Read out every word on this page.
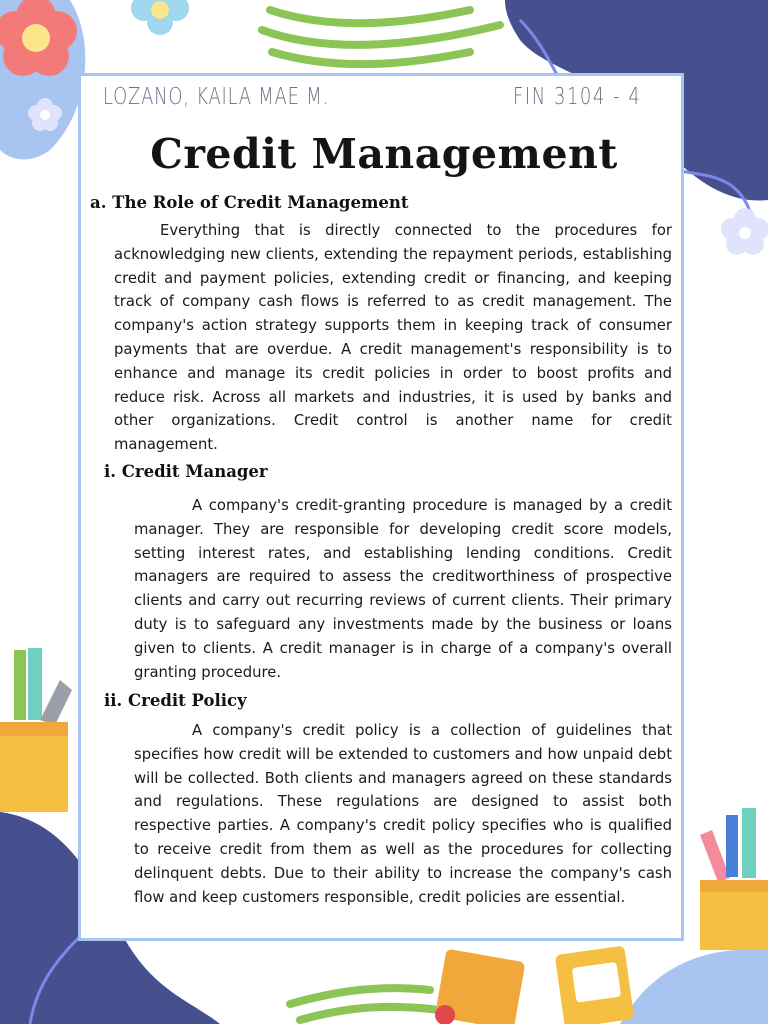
LOZANO, KAILA MAE M.	FIN 3104 - 4
Credit Management
a. The Role of Credit Management

Everything that is directly connected to the procedures for acknowledging new clients, extending the repayment periods, establishing credit and payment policies, extending credit or financing, and keeping track of company cash flows is referred to as credit management. The company's action strategy supports them in keeping track of consumer payments that are overdue. A credit management's responsibility is to enhance and manage its credit policies in order to boost profits and reduce risk. Across all markets and industries, it is used by banks and other organizations. Credit control is another name for credit management.

i. Credit Manager

A company's credit-granting procedure is managed by a credit manager. They are responsible for developing credit score models, setting interest rates, and establishing lending conditions. Credit managers are required to assess the creditworthiness of prospective clients and carry out recurring reviews of current clients. Their primary duty is to safeguard any investments made by the business or loans given to clients. A credit manager is in charge of a company's overall granting procedure.

ii. Credit Policy

A company's credit policy is a collection of guidelines that specifies how credit will be extended to customers and how unpaid debt will be collected. Both clients and managers agreed on these standards and regulations. These regulations are designed to assist both respective parties. A company's credit policy specifies who is qualified to receive credit from them as well as the procedures for collecting delinquent debts. Due to their ability to increase the company's cash flow and keep customers responsible, credit policies are essential.
